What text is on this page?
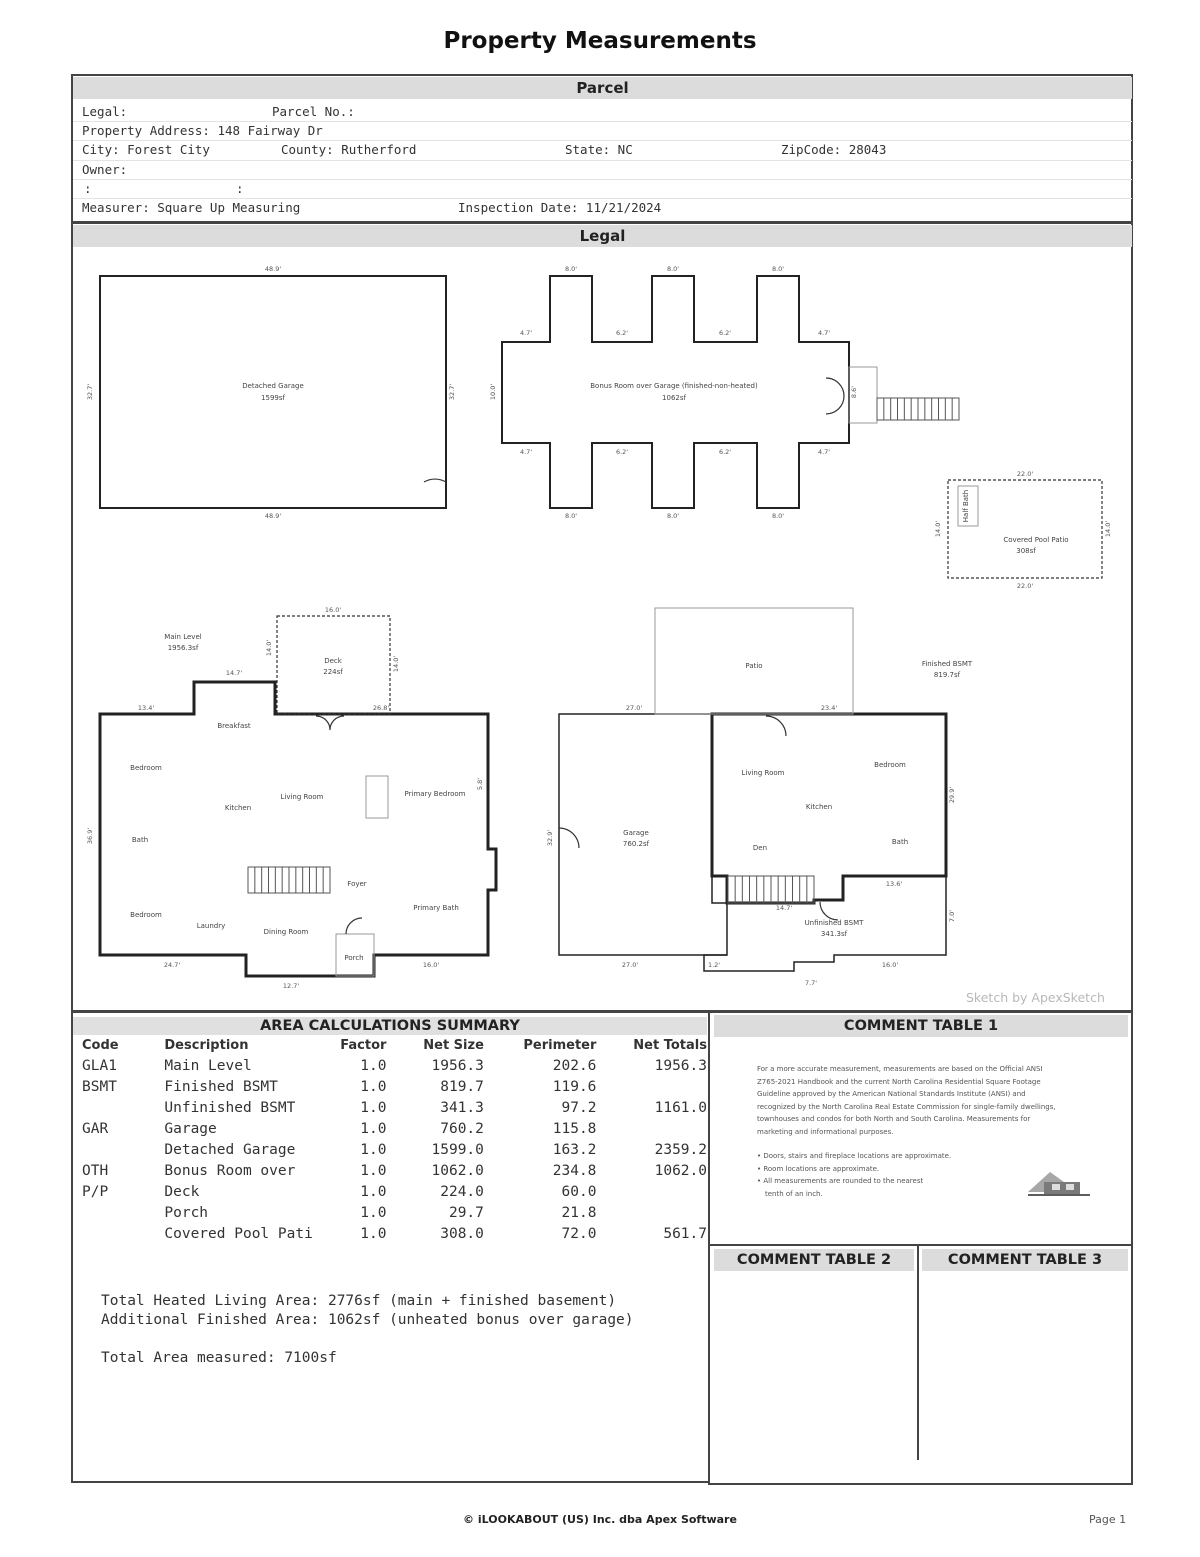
Property Measurements
Parcel
Legal:	Parcel No.:
Property Address: 148 Fairway Dr
City: Forest City	County: Rutherford	State: NC	ZipCode: 28043
Owner:
:	:
Measurer: Square Up Measuring	Inspection Date: 11/21/2024
Legal
Detached Garage
1599sf
Bonus Room over Garage (finished-non-heated)
1062sf
Covered Pool Patio
308sf
Half Bath
Main Level
1956.3sf
Deck
224sf
Patio	Finished BSMT
819.7sf
Bedroom
Breakfast
Kitchen
Living Room	Primary Bedroom
Bath
Foyer
Bedroom
Laundry
Dining Room
Primary Bath
Porch
Garage
760.2sf
Living Room
Bedroom
Kitchen
Den
Bath
Unfinished BSMT
341.3sf
48.9'
48.9'
32.7'	32.7'
8.0'	8.0'	8.0'
8.0'	8.0'	8.0'
4.7'	6.2'	6.2'	4.7'
4.7'	6.2'	6.2'	4.7'
10.0'	8.6'
22.0'
22.0'
14.0'	14.0'
16.0'
14.0'
14.0'
13.4'
14.7'
26.8'
24.7'
12.7'
16.0'
36.9'
5.8'
27.0'	23.4'
32.9'
29.9'
14.7'
13.6'
7.0'
16.0'
7.7'
1.2'
27.0'
Sketch by ApexSketch
AREA CALCULATIONS SUMMARY
Code	Description	Factor	Net Size	Perimeter	Net Totals
GLA1	Main Level	1.0	1956.3	202.6	1956.3
BSMT	Finished BSMT	1.0	819.7	119.6	
	Unfinished BSMT	1.0	341.3	97.2	1161.0
GAR	Garage	1.0	760.2	115.8	
	Detached Garage	1.0	1599.0	163.2	2359.2
OTH	Bonus Room over	1.0	1062.0	234.8	1062.0
P/P	Deck	1.0	224.0	60.0	
	Porch	1.0	29.7	21.8	
	Covered Pool Pati	1.0	308.0	72.0	561.7
Total Heated Living Area: 2776sf (main + finished basement)
Additional Finished Area: 1062sf (unheated bonus over garage)
Total Area measured: 7100sf
COMMENT TABLE 1
For a more accurate measurement, measurements are based on the Official ANSI Z765-2021 Handbook and the current North Carolina Residential Square Footage Guideline approved by the American National Standards Institute (ANSI) and recognized by the North Carolina Real Estate Commission for single-family dwellings, townhouses and condos for both North and South Carolina. Measurements for marketing and informational purposes.
• Doors, stairs and fireplace locations are approximate.
• Room locations are approximate.
• All measurements are rounded to the nearest
tenth of an inch.
COMMENT TABLE 2	COMMENT TABLE 3
© iLOOKABOUT (US) Inc. dba Apex Software	Page 1
